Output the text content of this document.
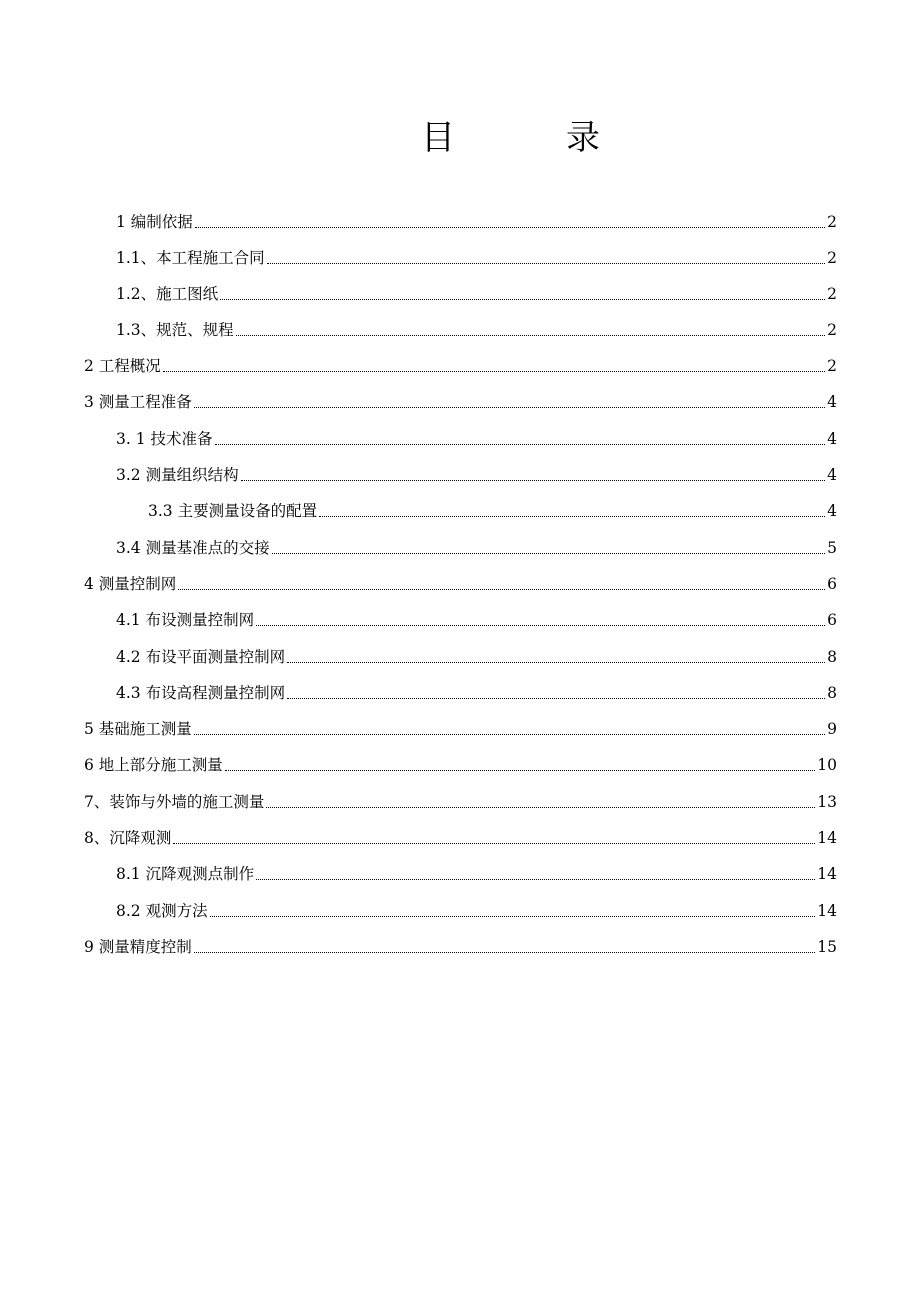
目	录
1 编制依据	2
1.1、本工程施工合同	2
1.2、施工图纸	2
1.3、规范、规程	2
2 工程概况	2
3 测量工程准备	4
3. 1 技术准备	4
3.2 测量组织结构	4
3.3 主要测量设备的配置	4
3.4 测量基准点的交接	5
4 测量控制网	6
4.1 布设测量控制网	6
4.2 布设平面测量控制网	8
4.3 布设高程测量控制网	8
5 基础施工测量	9
6 地上部分施工测量	10
7、装饰与外墙的施工测量	13
8、沉降观测	14
8.1 沉降观测点制作	14
8.2 观测方法	14
9 测量精度控制	15
